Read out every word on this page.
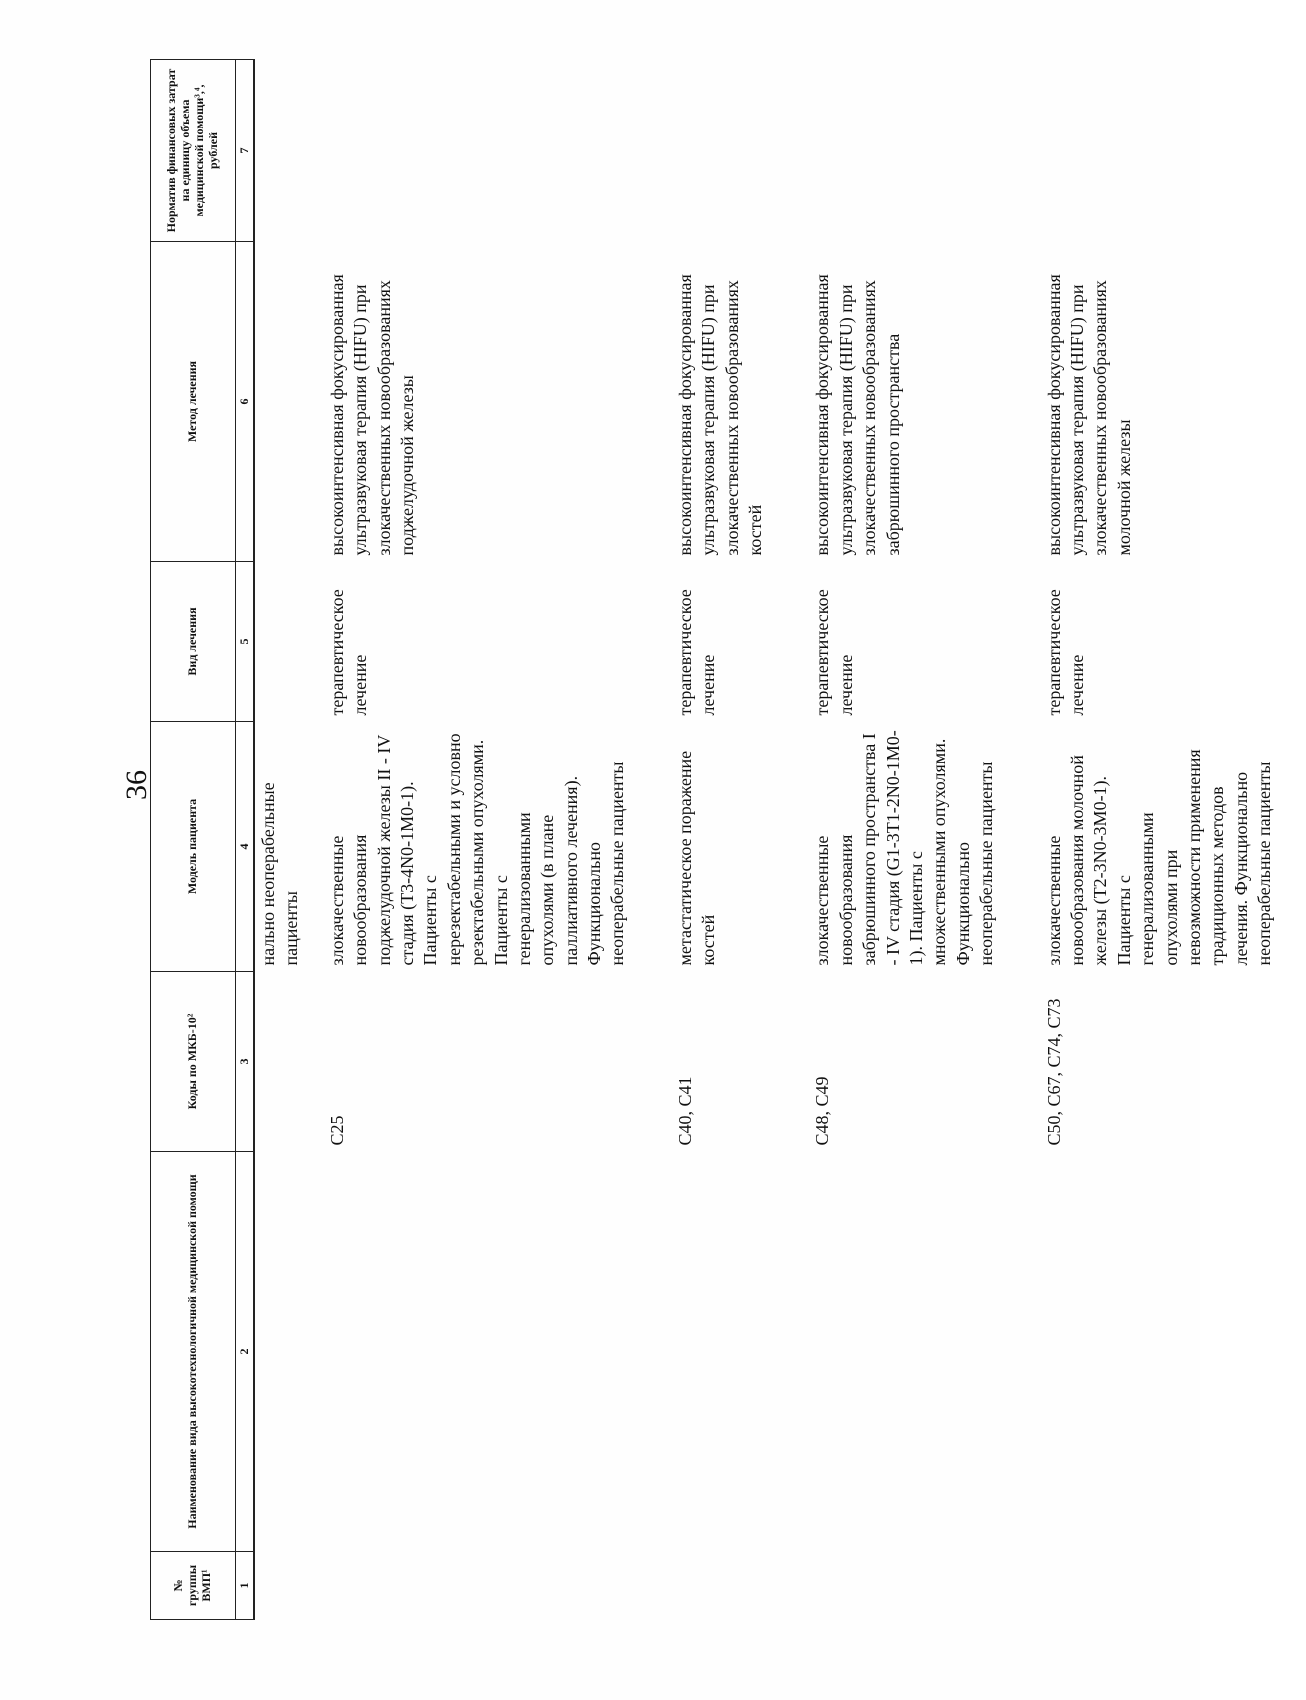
36
№ группы ВМП¹	Наименование вида высокотехнологичной медицинской помощи	Коды по МКБ-10²	Модель пациента	Вид лечения	Метод лечения	Норматив финансовых затрат на единицу объема медицинской помощи³,⁴, рублей
1	2	3	4	5	6	7
			нально неоперабельные пациенты			
		C25	злокачественные новообразования поджелудочной железы II - IV стадия (T3-4N0-1M0-1). Пациенты с нерезектабельными и условно резектабельными опухолями. Пациенты с генерализованными опухолями (в плане паллиативного лечения). Функционально неоперабельные пациенты	терапевтическое лечение	высокоинтенсивная фокусированная ультразвуковая терапия (HIFU) при злокачественных новообразованиях поджелудочной железы	
		C40, C41	метастатическое поражение костей	терапевтическое лечение	высокоинтенсивная фокусированная ультразвуковая терапия (HIFU) при злокачественных новообразованиях костей	
		C48, C49	злокачественные новообразования забрюшинного пространства I - IV стадия (G1-3T1-2N0-1M0-1). Пациенты с множественными опухолями. Функционально неоперабельные пациенты	терапевтическое лечение	высокоинтенсивная фокусированная ультразвуковая терапия (HIFU) при злокачественных новообразованиях забрюшинного пространства	
		C50, C67, C74, C73	злокачественные новообразования молочной железы (T2-3N0-3M0-1). Пациенты с генерализованными опухолями при невозможности применения традиционных методов лечения. Функционально неоперабельные пациенты	терапевтическое лечение	высокоинтенсивная фокусированная ультразвуковая терапия (HIFU) при злокачественных новообразованиях молочной железы	
